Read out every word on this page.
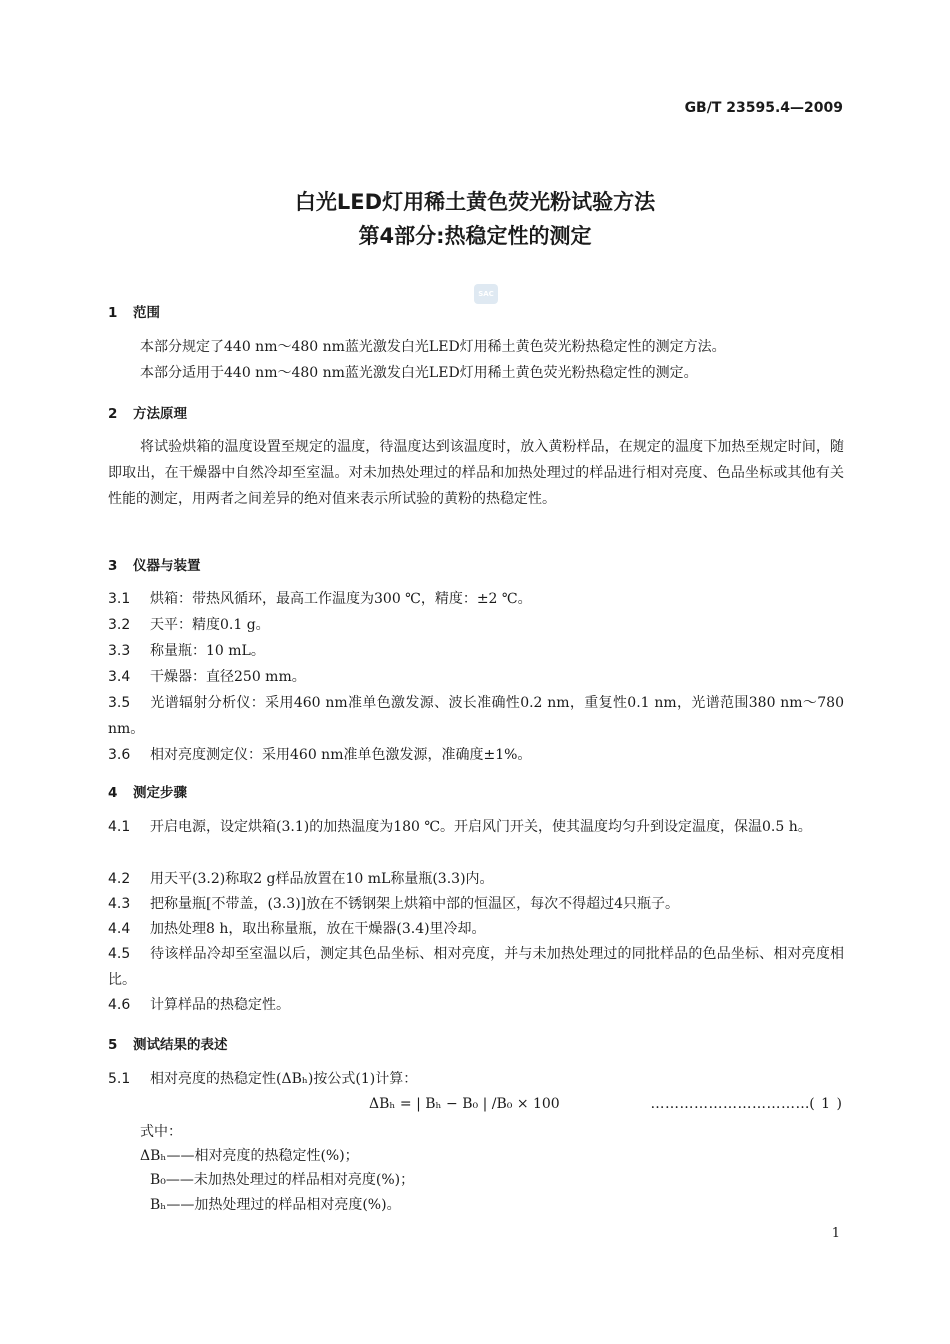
GB/T 23595.4—2009
白光LED灯用稀土黄色荧光粉试验方法
第4部分:热稳定性的测定
SAC
1 范围
本部分规定了440 nm～480 nm蓝光激发白光LED灯用稀土黄色荧光粉热稳定性的测定方法。
本部分适用于440 nm～480 nm蓝光激发白光LED灯用稀土黄色荧光粉热稳定性的测定。
2 方法原理
将试验烘箱的温度设置至规定的温度，待温度达到该温度时，放入黄粉样品，在规定的温度下加热至规定时间，随即取出，在干燥器中自然冷却至室温。对未加热处理过的样品和加热处理过的样品进行相对亮度、色品坐标或其他有关性能的测定，用两者之间差异的绝对值来表示所试验的黄粉的热稳定性。
3 仪器与装置
3.1 烘箱：带热风循环，最高工作温度为300 ℃，精度：±2 ℃。
3.2 天平：精度0.1 g。
3.3 称量瓶：10 mL。
3.4 干燥器：直径250 mm。
3.5 光谱辐射分析仪：采用460 nm准单色激发源、波长准确性0.2 nm，重复性0.1 nm，光谱范围380 nm～780 nm。
3.6 相对亮度测定仪：采用460 nm准单色激发源，准确度±1%。
4 测定步骤
4.1 开启电源，设定烘箱(3.1)的加热温度为180 ℃。开启风门开关，使其温度均匀升到设定温度，保温0.5 h。
4.2 用天平(3.2)称取2 g样品放置在10 mL称量瓶(3.3)内。
4.3 把称量瓶[不带盖，(3.3)]放在不锈钢架上烘箱中部的恒温区，每次不得超过4只瓶子。
4.4 加热处理8 h，取出称量瓶，放在干燥器(3.4)里冷却。
4.5 待该样品冷却至室温以后，测定其色品坐标、相对亮度，并与未加热处理过的同批样品的色品坐标、相对亮度相比。
4.6 计算样品的热稳定性。
5 测试结果的表述
5.1 相对亮度的热稳定性(ΔBₕ)按公式(1)计算：
ΔBₕ = | Bₕ − B₀ | /B₀ × 100	…………………………… ( 1 )
式中：
ΔBₕ——相对亮度的热稳定性(%)；
B₀——未加热处理过的样品相对亮度(%)；
Bₕ——加热处理过的样品相对亮度(%)。
1
